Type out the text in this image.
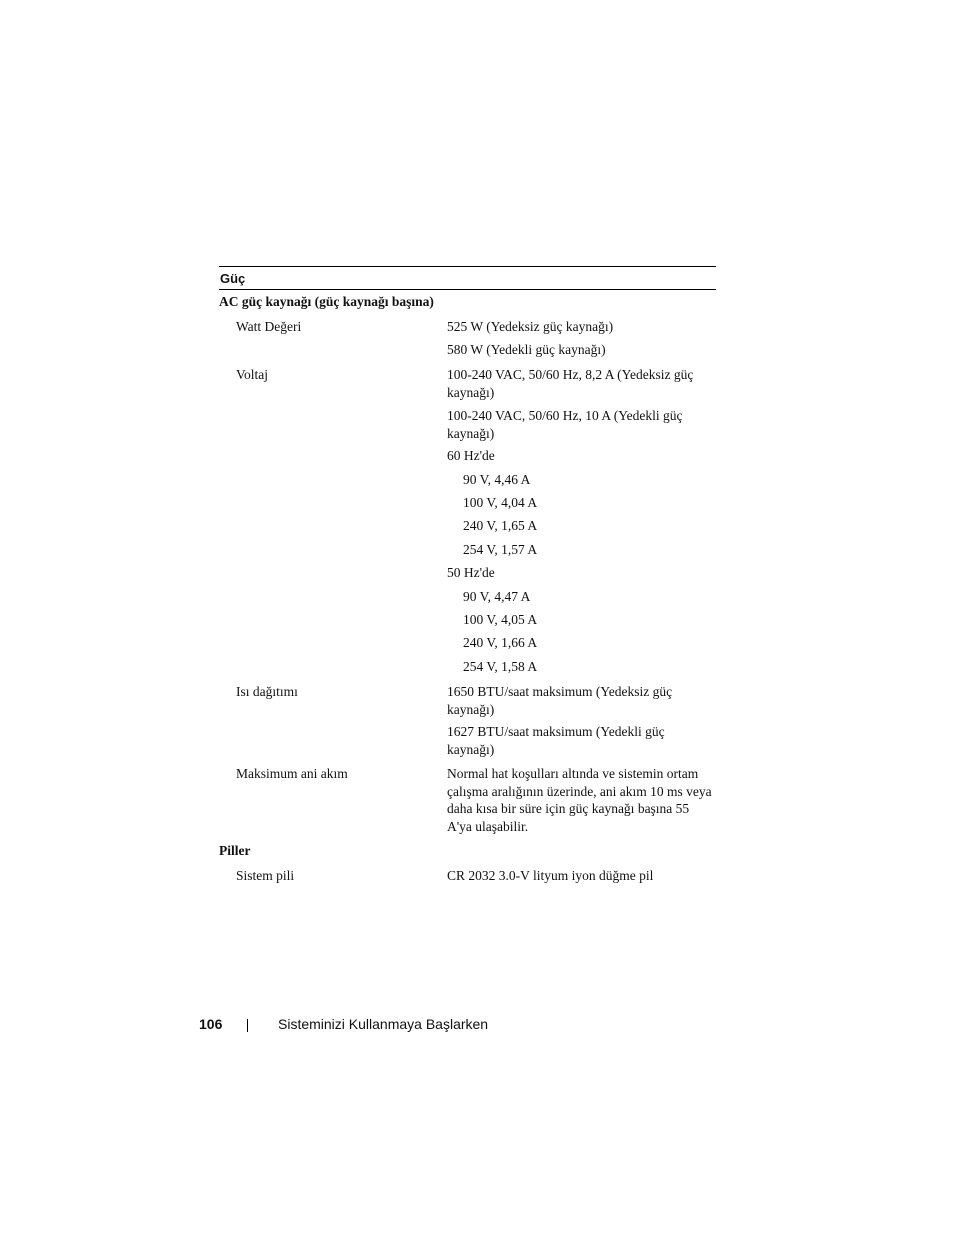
Güç
AC güç kaynağı (güç kaynağı başına)
Watt Değeri	525 W (Yedeksiz güç kaynağı)
580 W (Yedekli güç kaynağı)
Voltaj	100-240 VAC, 50/60 Hz, 8,2 A (Yedeksiz güç kaynağı)
100-240 VAC, 50/60 Hz, 10 A (Yedekli güç kaynağı)
60 Hz'de
90 V, 4,46 A
100 V, 4,04 A
240 V, 1,65 A
254 V, 1,57 A
50 Hz'de
90 V, 4,47 A
100 V, 4,05 A
240 V, 1,66 A
254 V, 1,58 A
Isı dağıtımı	1650 BTU/saat maksimum (Yedeksiz güç kaynağı)
1627 BTU/saat maksimum (Yedekli güç kaynağı)
Maksimum ani akım	Normal hat koşulları altında ve sistemin ortam çalışma aralığının üzerinde, ani akım 10 ms veya daha kısa bir süre için güç kaynağı başına 55 A'ya ulaşabilir.
Piller
Sistem pili	CR 2032 3.0-V lityum iyon düğme pil
106	Sisteminizi Kullanmaya Başlarken
